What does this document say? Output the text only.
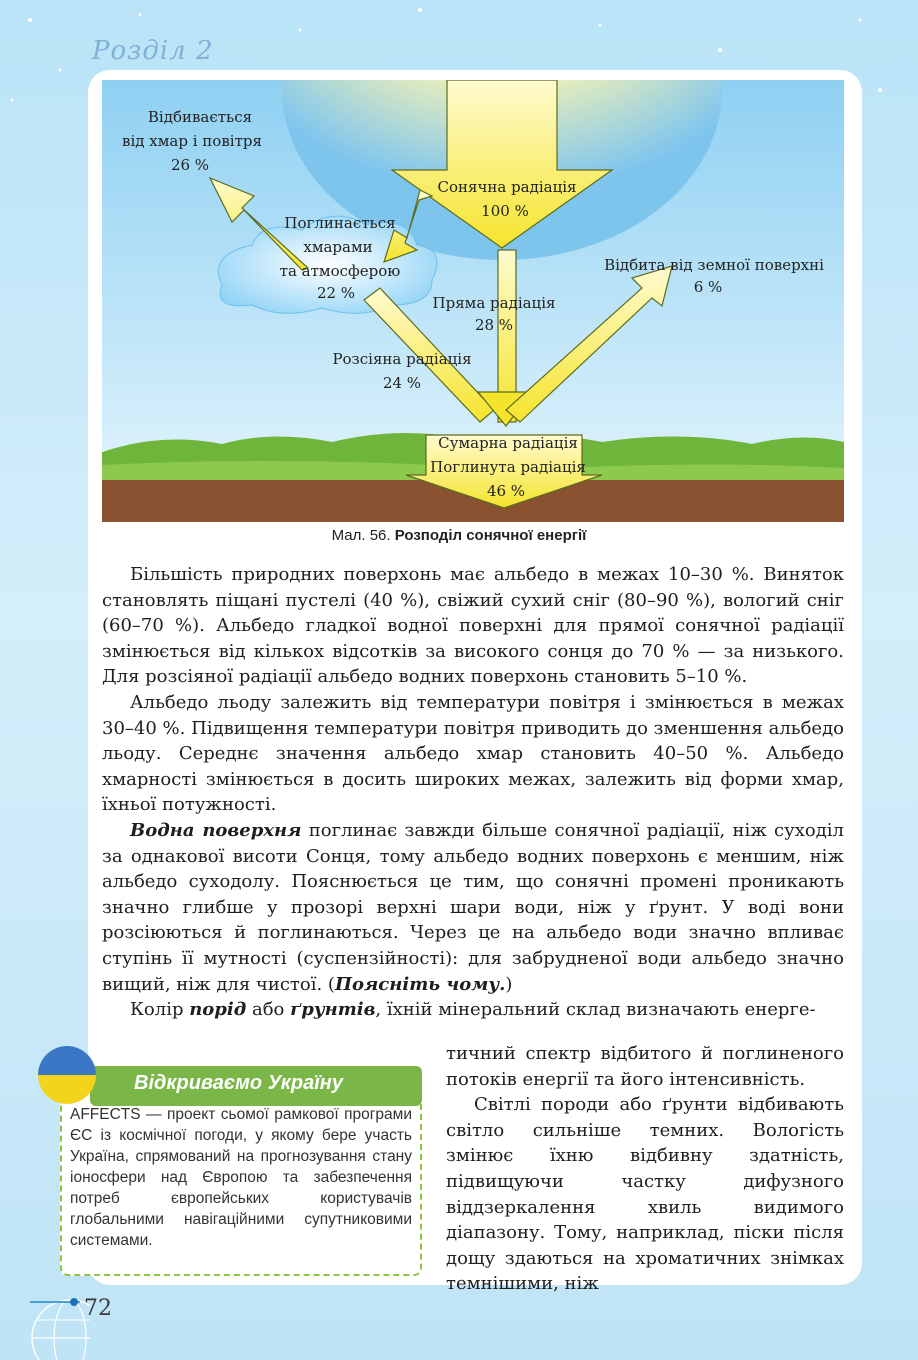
Розділ 2
Відбивається
від хмар і повітря
26 %
Сонячна радіація
100 %
Поглинається
хмарами
та атмосферою
22 %
Відбита від земної поверхні
6 %
Пряма радіація
28 %
Розсіяна радіація
24 %
Сумарна радіація
Поглинута радіація
46 %
Мал. 56. Розподіл сонячної енергії

Більшість природних поверхонь має альбедо в межах 10–30 %. Виняток становлять піщані пустелі (40 %), свіжий сухий сніг (80–90 %), вологий сніг (60–70 %). Альбедо гладкої водної поверхні для прямої сонячної радіації змінюється від кількох відсотків за високого сонця до 70 % — за низького. Для розсіяної радіації альбедо водних поверхонь становить 5–10 %.

Альбедо льоду залежить від температури повітря і змінюється в межах 30–40 %. Підвищення температури повітря приводить до зменшення альбедо льоду. Середнє значення альбедо хмар становить 40–50 %. Альбедо хмарності змінюється в досить широких межах, залежить від форми хмар, їхньої потужності.

Водна поверхня поглинає завжди більше сонячної радіації, ніж суходіл за однакової висоти Сонця, тому альбедо водних поверхонь є меншим, ніж альбедо суходолу. Пояснюється це тим, що сонячні промені проникають значно глибше у прозорі верхні шари води, ніж у ґрунт. У воді вони розсіюються й поглинаються. Через це на альбедо води значно впливає ступінь її мутності (суспензійності): для забрудненої води альбедо значно вищий, ніж для чистої. (Поясніть чому.)

Колір порід або ґрунтів, їхній мінеральний склад визначають енерге-

тичний спектр відбитого й поглиненого потоків енергії та його інтенсивність.

Світлі породи або ґрунти відбивають світло сильніше темних. Вологість змінює їхню відбивну здатність, підвищуючи частку дифузного віддзеркалення хвиль видимого діапазону. Тому, наприклад, піски після дощу здаються на хроматичних знімках темнішими, ніж

Відкриваємо Україну
AFFECTS — проект сьомої рамкової програми ЄС із космічної погоди, у якому бере участь Україна, спрямований на прогнозування стану іоносфери над Європою та забезпечення потреб європейських користувачів глобальними навігаційними супутниковими системами.
72
